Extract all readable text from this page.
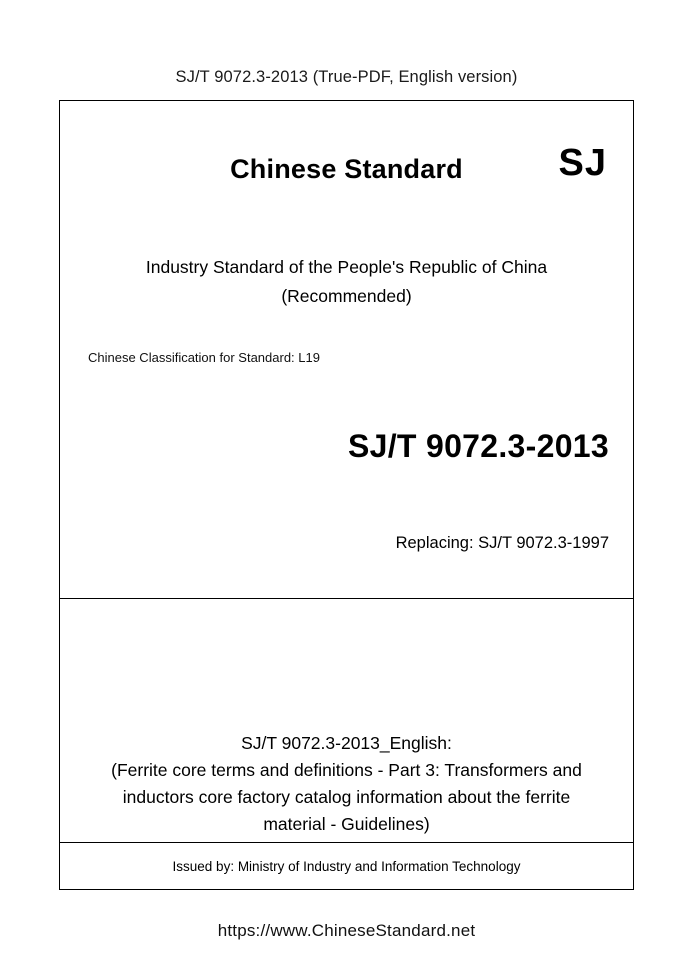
SJ/T 9072.3-2013 (True-PDF, English version)
Chinese Standard	SJ
Industry Standard of the People's Republic of China
(Recommended)
Chinese Classification for Standard: L19
SJ/T 9072.3-2013
Replacing: SJ/T 9072.3-1997
SJ/T 9072.3-2013_English:
(Ferrite core terms and definitions - Part 3: Transformers and
inductors core factory catalog information about the ferrite
material - Guidelines)
Issued by: Ministry of Industry and Information Technology
https://www.ChineseStandard.net
